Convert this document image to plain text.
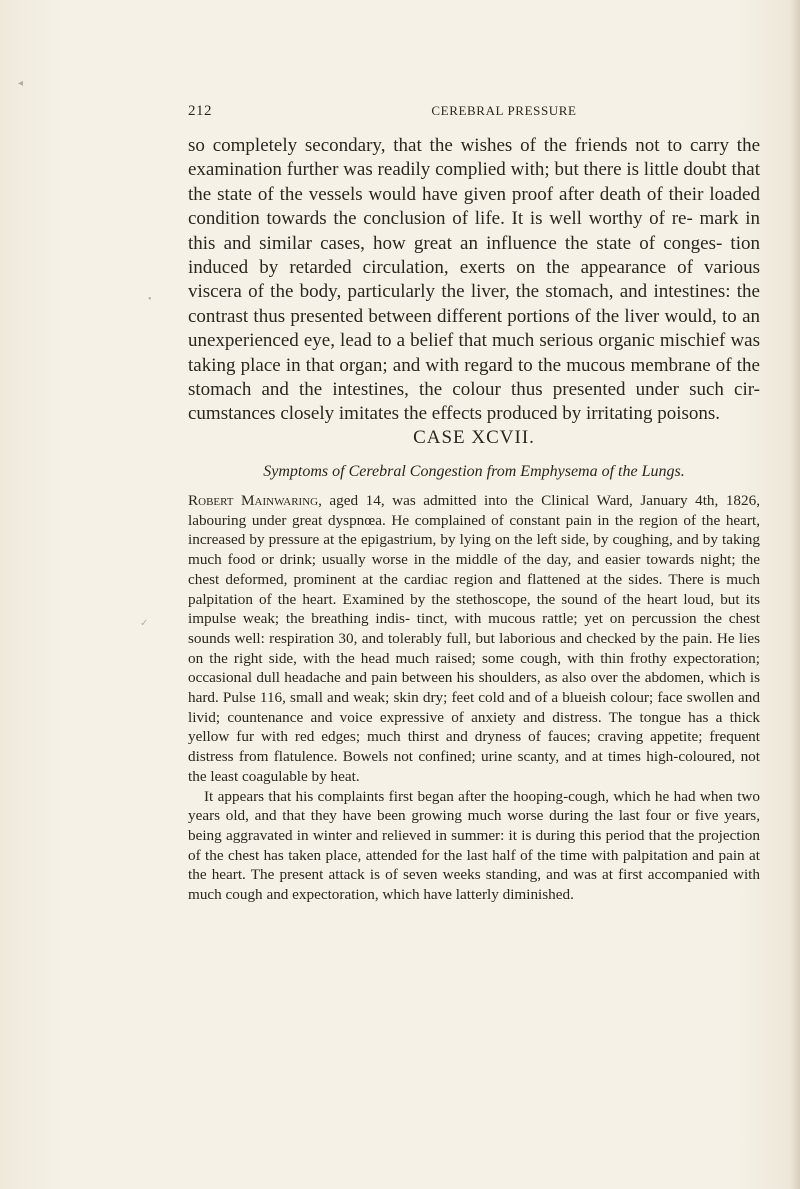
212	CEREBRAL PRESSURE

so completely secondary, that the wishes of the friends not to carry the examination further was readily complied with; but there is little doubt that the state of the vessels would have given proof after death of their loaded condition towards the conclusion of life. It is well worthy of re- mark in this and similar cases, how great an influence the state of conges- tion induced by retarded circulation, exerts on the appearance of various viscera of the body, particularly the liver, the stomach, and intestines: the contrast thus presented between different portions of the liver would, to an unexperienced eye, lead to a belief that much serious organic mischief was taking place in that organ; and with regard to the mucous membrane of the stomach and the intestines, the colour thus presented under such cir- cumstances closely imitates the effects produced by irritating poisons.

CASE XCVII.
Symptoms of Cerebral Congestion from Emphysema of the Lungs.

Robert Mainwaring, aged 14, was admitted into the Clinical Ward, January 4th, 1826, labouring under great dyspnœa. He complained of constant pain in the region of the heart, increased by pressure at the epigastrium, by lying on the left side, by coughing, and by taking much food or drink; usually worse in the middle of the day, and easier towards night; the chest deformed, prominent at the cardiac region and flattened at the sides. There is much palpitation of the heart. Examined by the stethoscope, the sound of the heart loud, but its impulse weak; the breathing indis- tinct, with mucous rattle; yet on percussion the chest sounds well: respiration 30, and tolerably full, but laborious and checked by the pain. He lies on the right side, with the head much raised; some cough, with thin frothy expectoration; occasional dull headache and pain between his shoulders, as also over the abdomen, which is hard. Pulse 116, small and weak; skin dry; feet cold and of a blueish colour; face swollen and livid; countenance and voice expressive of anxiety and distress. The tongue has a thick yellow fur with red edges; much thirst and dryness of fauces; craving appetite; frequent distress from flatulence. Bowels not confined; urine scanty, and at times high-coloured, not the least coagulable by heat.

It appears that his complaints first began after the hooping-cough, which he had when two years old, and that they have been growing much worse during the last four or five years, being aggravated in winter and relieved in summer: it is during this period that the projection of the chest has taken place, attended for the last half of the time with palpitation and pain at the heart. The present attack is of seven weeks standing, and was at first accompanied with much cough and expectoration, which have latterly diminished.

•
✓
◂
